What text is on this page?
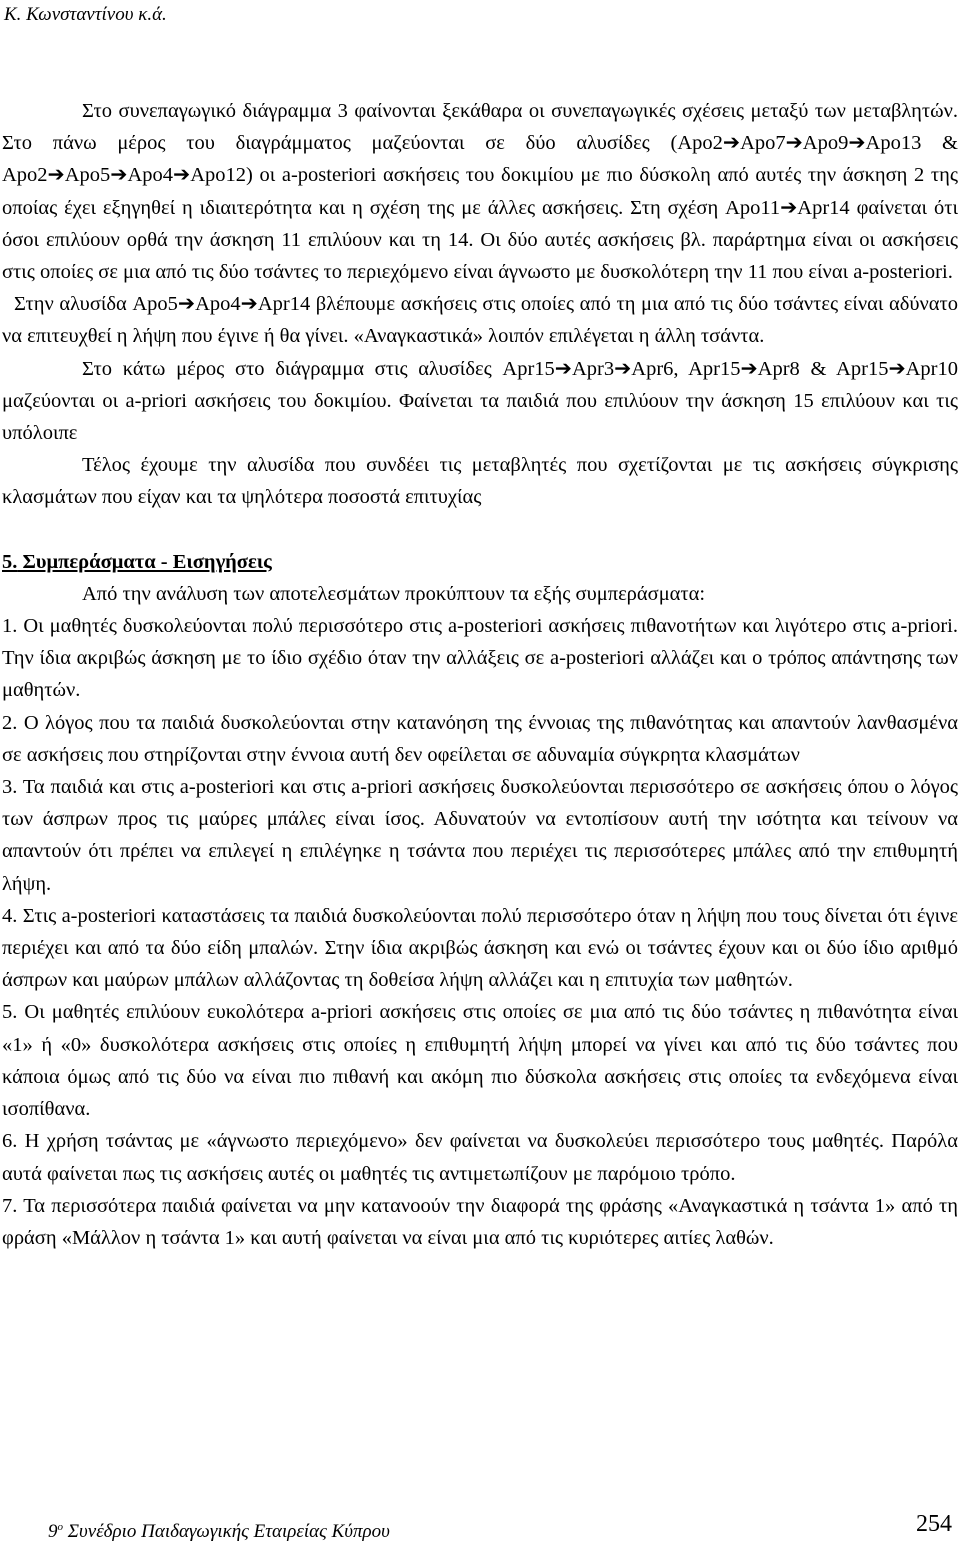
Κ. Κωνσταντίνου κ.ά.

Στο συνεπαγωγικό διάγραμμα 3 φαίνονται ξεκάθαρα οι συνεπαγωγικές σχέσεις μεταξύ των μεταβλητών. Στο πάνω μέρος του διαγράμματος μαζεύονται σε δύο αλυσίδες (Apo2➔Apo7➔Apo9➔Apo13 & Apo2➔Apo5➔Apo4➔Apo12) οι a-posteriori ασκήσεις του δοκιμίου με πιο δύσκολη από αυτές την άσκηση 2 της οποίας έχει εξηγηθεί η ιδιαιτερότητα και η σχέση της με άλλες ασκήσεις. Στη σχέση Apo11➔Apr14 φαίνεται ότι όσοι επιλύουν ορθά την άσκηση 11 επιλύουν και τη 14. Οι δύο αυτές ασκήσεις βλ. παράρτημα είναι οι ασκήσεις στις οποίες σε μια από τις δύο τσάντες το περιεχόμενο είναι άγνωστο με δυσκολότερη την 11 που είναι a-posteriori.

Στην αλυσίδα Apo5➔Apo4➔Apr14 βλέπουμε ασκήσεις στις οποίες από τη μια από τις δύο τσάντες είναι αδύνατο να επιτευχθεί η λήψη που έγινε ή θα γίνει. «Αναγκαστικά» λοιπόν επιλέγεται η άλλη τσάντα.

Στο κάτω μέρος στο διάγραμμα στις αλυσίδες Apr15➔Apr3➔Apr6, Apr15➔Apr8 & Apr15➔Apr10 μαζεύονται οι a-priori ασκήσεις του δοκιμίου. Φαίνεται τα παιδιά που επιλύουν την άσκηση 15 επιλύουν και τις υπόλοιπε

Τέλος έχουμε την αλυσίδα που συνδέει τις μεταβλητές που σχετίζονται με τις ασκήσεις σύγκρισης κλασμάτων που είχαν και τα ψηλότερα ποσοστά επιτυχίας

5. Συμπεράσματα - Εισηγήσεις

Από την ανάλυση των αποτελεσμάτων προκύπτουν τα εξής συμπεράσματα:

1. Οι μαθητές δυσκολεύονται πολύ περισσότερο στις a-posteriori ασκήσεις πιθανοτήτων και λιγότερο στις a-priori. Την ίδια ακριβώς άσκηση με το ίδιο σχέδιο όταν την αλλάξεις σε a-posteriori αλλάζει και ο τρόπος απάντησης των μαθητών.

2. Ο λόγος που τα παιδιά δυσκολεύονται στην κατανόηση της έννοιας της πιθανότητας και απαντούν λανθασμένα σε ασκήσεις που στηρίζονται στην έννοια αυτή δεν οφείλεται σε αδυναμία σύγκρητα κλασμάτων

3. Τα παιδιά και στις a-posteriori και στις a-priori ασκήσεις δυσκολεύονται περισσότερο σε ασκήσεις όπου ο λόγος των άσπρων προς τις μαύρες μπάλες είναι ίσος. Αδυνατούν να εντοπίσουν αυτή την ισότητα και τείνουν να απαντούν ότι πρέπει να επιλεγεί η επιλέγηκε η τσάντα που περιέχει τις περισσότερες μπάλες από την επιθυμητή λήψη.

4. Στις a-posteriori καταστάσεις τα παιδιά δυσκολεύονται πολύ περισσότερο όταν η λήψη που τους δίνεται ότι έγινε περιέχει και από τα δύο είδη μπαλών. Στην ίδια ακριβώς άσκηση και ενώ οι τσάντες έχουν και οι δύο ίδιο αριθμό άσπρων και μαύρων μπάλων αλλάζοντας τη δοθείσα λήψη αλλάζει και η επιτυχία των μαθητών.

5. Οι μαθητές επιλύουν ευκολότερα a-priori ασκήσεις στις οποίες σε μια από τις δύο τσάντες η πιθανότητα είναι «1» ή «0» δυσκολότερα ασκήσεις στις οποίες η επιθυμητή λήψη μπορεί να γίνει και από τις δύο τσάντες που κάποια όμως από τις δύο να είναι πιο πιθανή και ακόμη πιο δύσκολα ασκήσεις στις οποίες τα ενδεχόμενα είναι ισοπίθανα.

6. Η χρήση τσάντας με «άγνωστο περιεχόμενο» δεν φαίνεται να δυσκολεύει περισσότερο τους μαθητές. Παρόλα αυτά φαίνεται πως τις ασκήσεις αυτές οι μαθητές τις αντιμετωπίζουν με παρόμοιο τρόπο.

7. Τα περισσότερα παιδιά φαίνεται να μην κατανοούν την διαφορά της φράσης «Αναγκαστικά η τσάντα 1» από τη φράση «Μάλλον η τσάντα 1» και αυτή φαίνεται να είναι μια από τις κυριότερες αιτίες λαθών.

$9^o$ Συνέδριο Παιδαγωγικής Εταιρείας Κύπρου	254
